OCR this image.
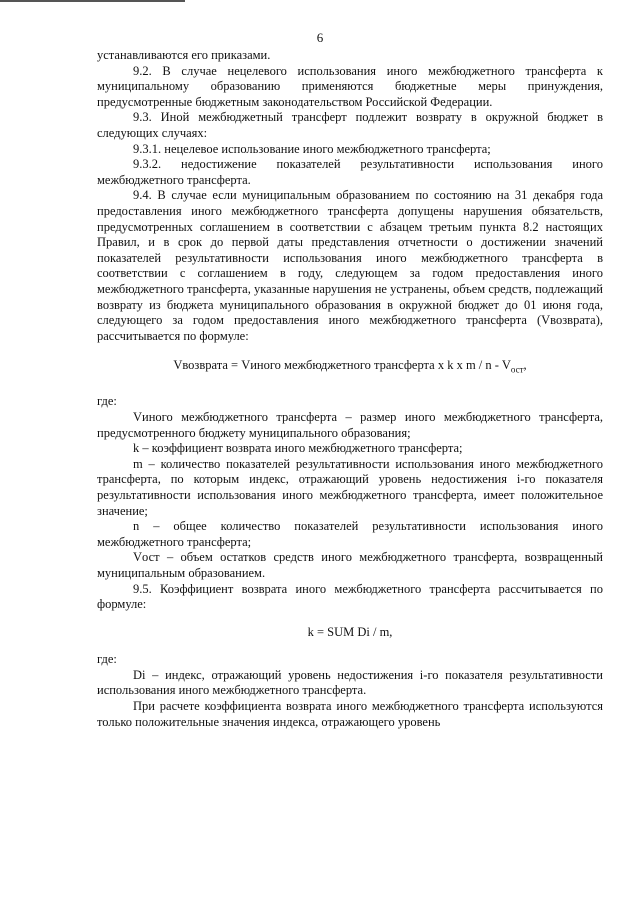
6

устанавливаются его приказами.

9.2. В случае нецелевого использования иного межбюджетного трансферта к муниципальному образованию применяются бюджетные меры принуждения, предусмотренные бюджетным законодательством Российской Федерации.

9.3. Иной межбюджетный трансферт подлежит возврату в окружной бюджет в следующих случаях:

9.3.1. нецелевое использование иного межбюджетного трансферта;

9.3.2. недостижение показателей результативности использования иного межбюджетного трансферта.

9.4. В случае если муниципальным образованием по состоянию на 31 декабря года предоставления иного межбюджетного трансферта допущены нарушения обязательств, предусмотренных соглашением в соответствии с абзацем третьим пункта 8.2 настоящих Правил, и в срок до первой даты представления отчетности о достижении значений показателей результативности использования иного межбюджетного трансферта в соответствии с соглашением в году, следующем за годом предоставления иного межбюджетного трансферта, указанные нарушения не устранены, объем средств, подлежащий возврату из бюджета муниципального образования в окружной бюджет до 01 июня года, следующего за годом предоставления иного межбюджетного трансферта (Vвозврата), рассчитывается по формуле:

Vвозврата = Vиного межбюджетного трансферта х k х m / n - $V_{ост}$,

где:

Vиного межбюджетного трансферта – размер иного межбюджетного трансферта, предусмотренного бюджету муниципального образования;

k – коэффициент возврата иного межбюджетного трансферта;

m – количество показателей результативности использования иного межбюджетного трансферта, по которым индекс, отражающий уровень недостижения i-го показателя результативности использования иного межбюджетного трансферта, имеет положительное значение;

n – общее количество показателей результативности использования иного межбюджетного трансферта;

Vост – объем остатков средств иного межбюджетного трансферта, возвращенный муниципальным образованием.

9.5. Коэффициент возврата иного межбюджетного трансферта рассчитывается по формуле:

k = SUM Di / m,

где:

Di – индекс, отражающий уровень недостижения i-го показателя результативности использования иного межбюджетного трансферта.

При расчете коэффициента возврата иного межбюджетного трансферта используются только положительные значения индекса, отражающего уровень
